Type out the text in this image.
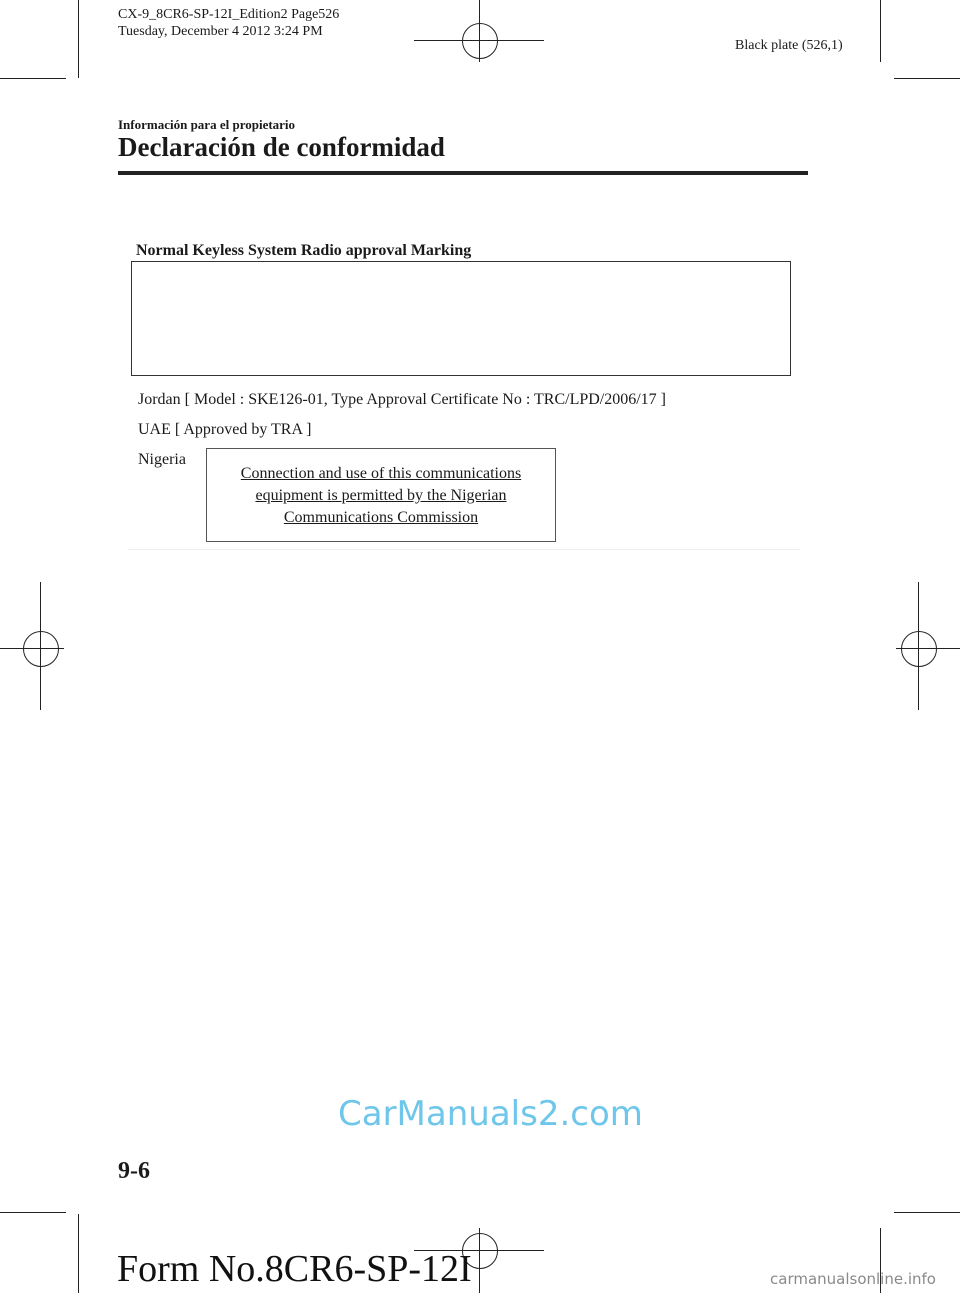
CX-9_8CR6-SP-12I_Edition2 Page526
Tuesday, December 4 2012 3:24 PM
Black plate (526,1)
Información para el propietario
Declaración de conformidad
Normal Keyless System Radio approval Marking
Jordan [ Model : SKE126-01, Type Approval Certificate No : TRC/LPD/2006/17 ]
UAE [ Approved by TRA ]
Nigeria
Connection and use of this communications
equipment is permitted by the Nigerian
Communications Commission
CarManuals2.com
9-6
Form No.8CR6-SP-12I	carmanualsonline.info
